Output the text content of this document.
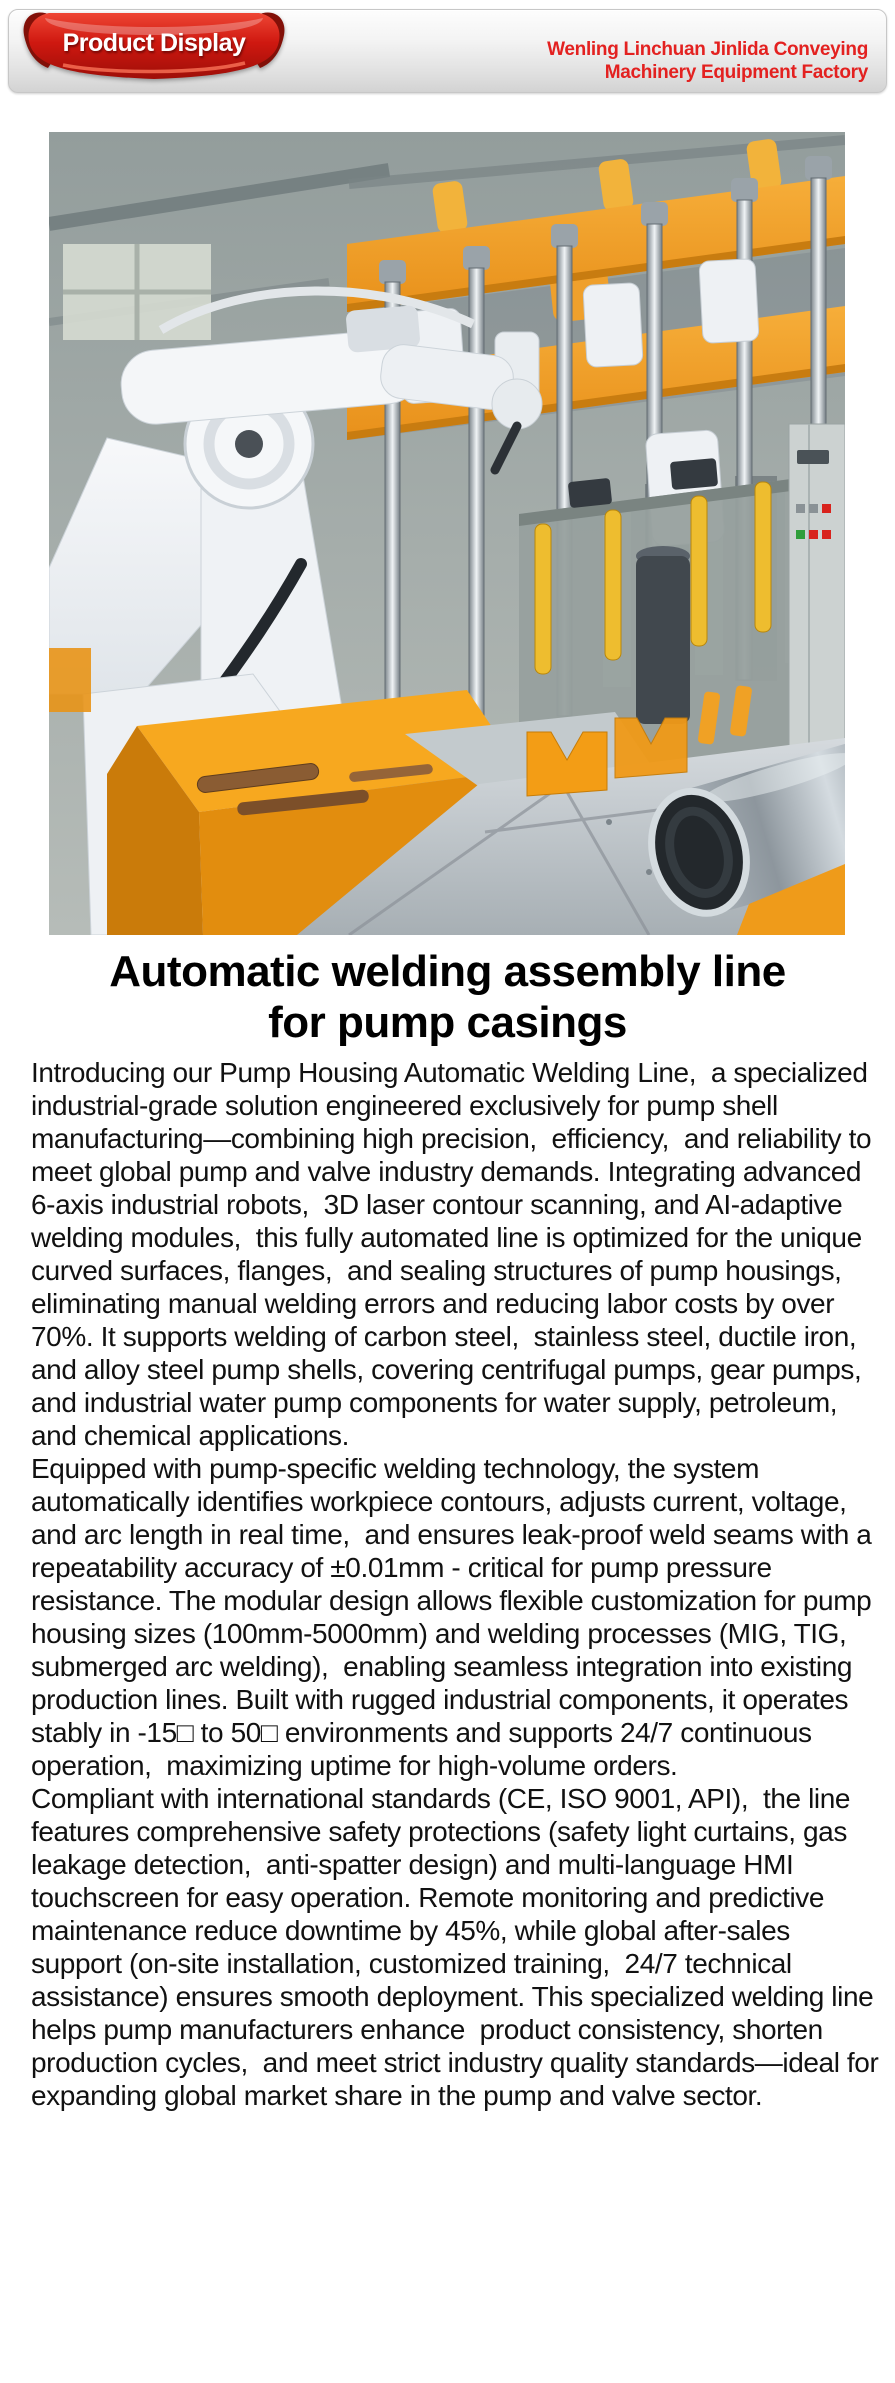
Product Display	Wenling Linchuan Jinlida Conveying
Machinery Equipment Factory
Automatic welding assembly line for pump casings

Introducing our Pump Housing Automatic Welding Line,  a specialized industrial-grade solution engineered exclusively for pump shell manufacturing—combining high precision,  efficiency,  and reliability to meet global pump and valve industry demands. Integrating advanced 6-axis industrial robots,  3D laser contour scanning, and AI-adaptive welding modules,  this fully automated line is optimized for the unique curved surfaces, flanges,  and sealing structures of pump housings,  eliminating manual welding errors and reducing labor costs by over 70%. It supports welding of carbon steel,  stainless steel, ductile iron, and alloy steel pump shells, covering centrifugal pumps, gear pumps,  and industrial water pump components for water supply, petroleum, and chemical applications.

Equipped with pump-specific welding technology, the system automatically identifies workpiece contours, adjusts current, voltage, and arc length in real time,  and ensures leak-proof weld seams with a repeatability accuracy of ±0.01mm - critical for pump pressure resistance. The modular design allows flexible customization for pump housing sizes (100mm-5000mm) and welding processes (MIG, TIG,  submerged arc welding),  enabling seamless integration into existing production lines. Built with rugged industrial components, it operates stably in -15□ to 50□ environments and supports 24/7 continuous operation,  maximizing uptime for high-volume orders.

Compliant with international standards (CE, ISO 9001, API),  the line features comprehensive safety protections (safety light curtains, gas leakage detection,  anti-spatter design) and multi-language HMI touchscreen for easy operation. Remote monitoring and predictive maintenance reduce downtime by 45%, while global after-sales support (on-site installation, customized training,  24/7 technical assistance) ensures smooth deployment. This specialized welding line helps pump manufacturers enhance  product consistency, shorten production cycles,  and meet strict industry quality standards—ideal for expanding global market share in the pump and valve sector.
